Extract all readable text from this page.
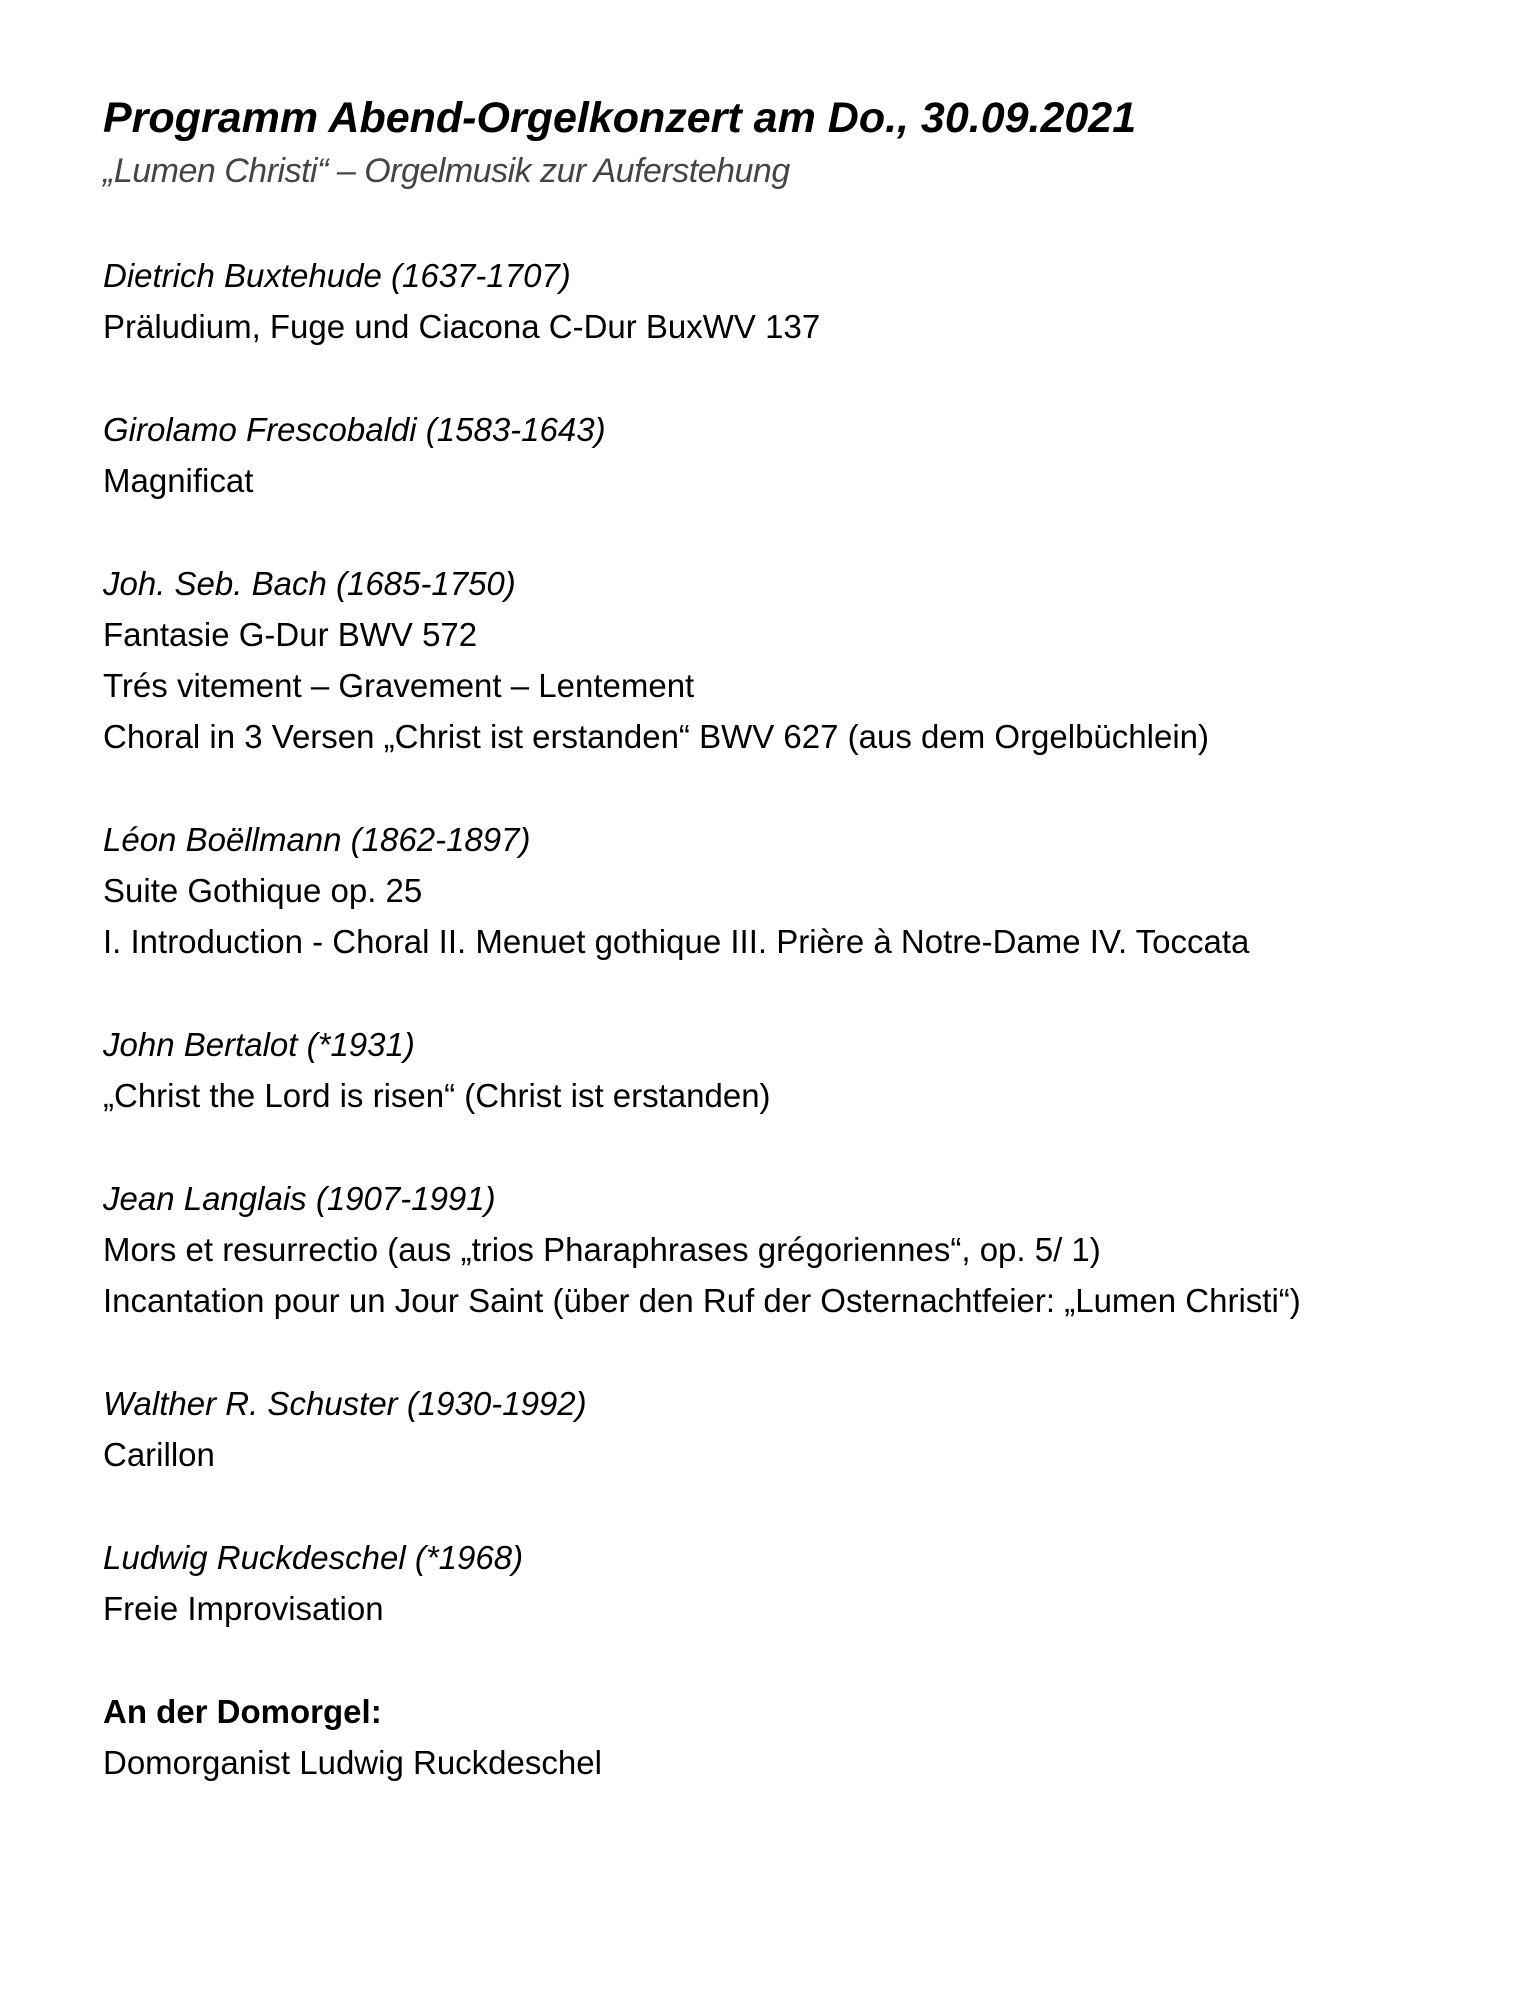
Programm Abend-Orgelkonzert am Do., 30.09.2021
„Lumen Christi“ – Orgelmusik zur Auferstehung
Dietrich Buxtehude (1637-1707)
Präludium, Fuge und Ciacona C-Dur BuxWV 137
Girolamo Frescobaldi (1583-1643)
Magnificat
Joh. Seb. Bach (1685-1750)
Fantasie G-Dur BWV 572
Trés vitement – Gravement – Lentement
Choral in 3 Versen „Christ ist erstanden“ BWV 627 (aus dem Orgelbüchlein)
Léon Boëllmann (1862-1897)
Suite Gothique op. 25
I. Introduction - Choral II. Menuet gothique III. Prière à Notre-Dame IV. Toccata
John Bertalot (*1931)
„Christ the Lord is risen“ (Christ ist erstanden)
Jean Langlais (1907-1991)
Mors et resurrectio (aus „trios Pharaphrases grégoriennes“, op. 5/ 1)
Incantation pour un Jour Saint (über den Ruf der Osternachtfeier: „Lumen Christi“)
Walther R. Schuster (1930-1992)
Carillon
Ludwig Ruckdeschel (*1968)
Freie Improvisation
An der Domorgel:
Domorganist Ludwig Ruckdeschel
